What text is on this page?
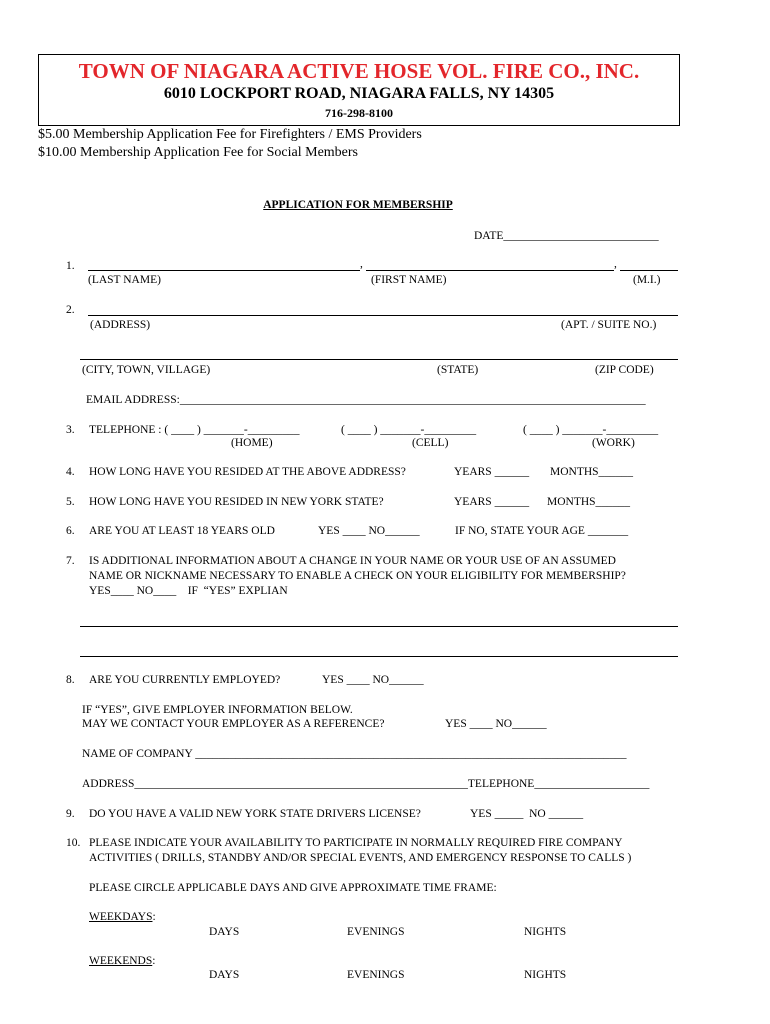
TOWN OF NIAGARA ACTIVE HOSE VOL. FIRE CO., INC.
6010 LOCKPORT ROAD, NIAGARA FALLS, NY 14305
716-298-8100
$5.00 Membership Application Fee for Firefighters / EMS Providers
$10.00 Membership Application Fee for Social Members
APPLICATION FOR MEMBERSHIP
DATE___________________________
1.	,	,
(LAST NAME)	(FIRST NAME)	(M.I.)
2.
(ADDRESS)	(APT. / SUITE NO.)
(CITY, TOWN, VILLAGE)	(STATE)	(ZIP CODE)
EMAIL ADDRESS:_________________________________________________________________________________
3. TELEPHONE : ( ____ ) _______-_________	( ____ ) _______-_________	( ____ ) _______-_________
(HOME)	(CELL)	(WORK)
4. HOW LONG HAVE YOU RESIDED AT THE ABOVE ADDRESS?	YEARS ______ MONTHS______
5. HOW LONG HAVE YOU RESIDED IN NEW YORK STATE?	YEARS ______ MONTHS______
6. ARE YOU AT LEAST 18 YEARS OLD	YES ____ NO______	IF NO, STATE YOUR AGE _______
7. IS ADDITIONAL INFORMATION ABOUT A CHANGE IN YOUR NAME OR YOUR USE OF AN ASSUMED
NAME OR NICKNAME NECESSARY TO ENABLE A CHECK ON YOUR ELIGIBILITY FOR MEMBERSHIP?
YES____ NO____    IF  “YES” EXPLIAN
8. ARE YOU CURRENTLY EMPLOYED?	YES ____ NO______
IF “YES”, GIVE EMPLOYER INFORMATION BELOW.
MAY WE CONTACT YOUR EMPLOYER AS A REFERENCE?	YES ____ NO______
NAME OF COMPANY ___________________________________________________________________________
ADDRESS__________________________________________________________TELEPHONE____________________
9. DO YOU HAVE A VALID NEW YORK STATE DRIVERS LICENSE?	YES _____  NO ______
10. PLEASE INDICATE YOUR AVAILABILITY TO PARTICIPATE IN NORMALLY REQUIRED FIRE COMPANY
ACTIVITIES ( DRILLS, STANDBY AND/OR SPECIAL EVENTS, AND EMERGENCY RESPONSE TO CALLS )
PLEASE CIRCLE APPLICABLE DAYS AND GIVE APPROXIMATE TIME FRAME:
WEEKDAYS:
DAYS	EVENINGS	NIGHTS
WEEKENDS:
DAYS	EVENINGS	NIGHTS
